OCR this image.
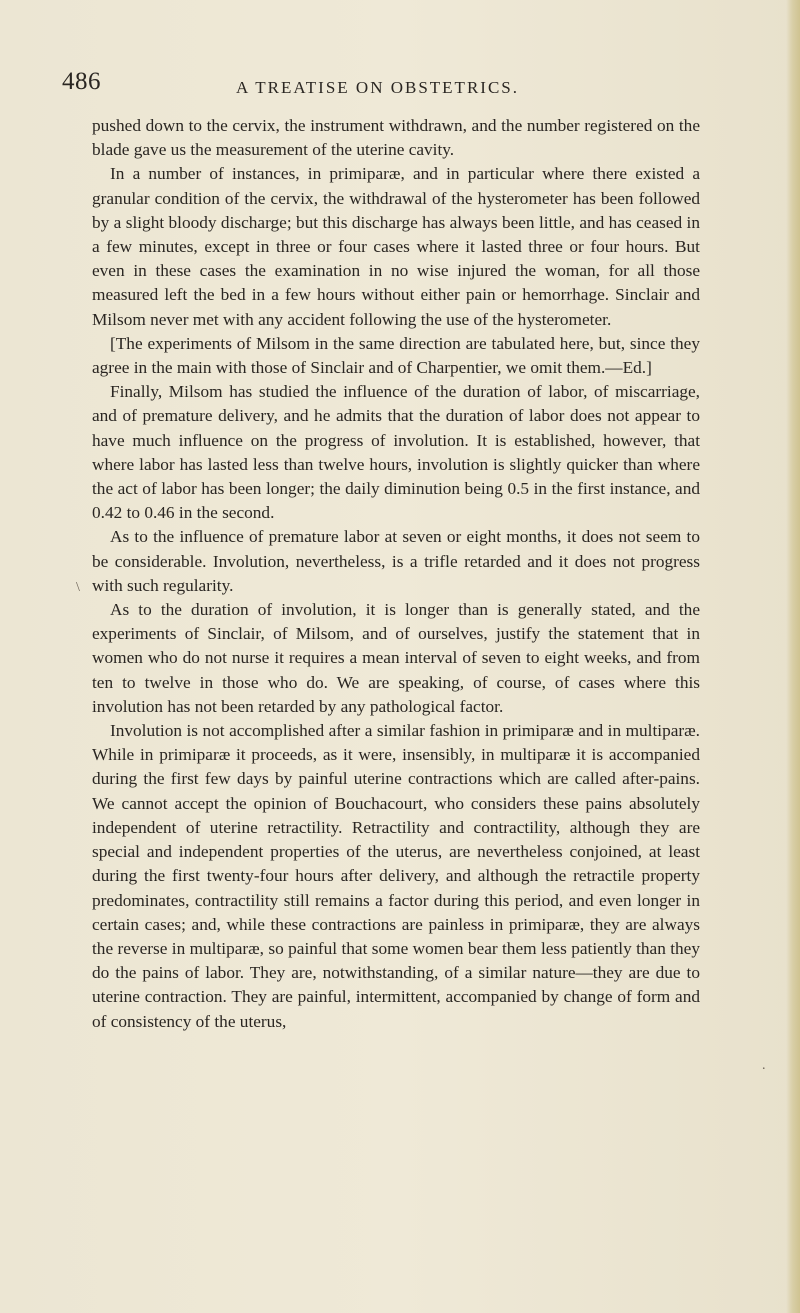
486	A TREATISE ON OBSTETRICS.

pushed down to the cervix, the instrument withdrawn, and the number registered on the blade gave us the measurement of the uterine cavity.

In a number of instances, in primiparæ, and in particular where there existed a granular condition of the cervix, the withdrawal of the hysterometer has been followed by a slight bloody discharge; but this discharge has always been little, and has ceased in a few minutes, except in three or four cases where it lasted three or four hours. But even in these cases the examination in no wise injured the woman, for all those measured left the bed in a few hours without either pain or hemorrhage. Sinclair and Milsom never met with any accident following the use of the hysterometer.

[The experiments of Milsom in the same direction are tabulated here, but, since they agree in the main with those of Sinclair and of Charpentier, we omit them.—Ed.]

Finally, Milsom has studied the influence of the duration of labor, of miscarriage, and of premature delivery, and he admits that the duration of labor does not appear to have much influence on the progress of involution. It is established, however, that where labor has lasted less than twelve hours, involution is slightly quicker than where the act of labor has been longer; the daily diminution being 0.5 in the first instance, and 0.42 to 0.46 in the second.

As to the influence of premature labor at seven or eight months, it does not seem to be considerable. Involution, nevertheless, is a trifle retarded and it does not progress with such regularity.

As to the duration of involution, it is longer than is generally stated, and the experiments of Sinclair, of Milsom, and of ourselves, justify the statement that in women who do not nurse it requires a mean interval of seven to eight weeks, and from ten to twelve in those who do. We are speaking, of course, of cases where this involution has not been retarded by any pathological factor.

Involution is not accomplished after a similar fashion in primiparæ and in multiparæ. While in primiparæ it proceeds, as it were, insensibly, in multiparæ it is accompanied during the first few days by painful uterine contractions which are called after-pains. We cannot accept the opinion of Bouchacourt, who considers these pains absolutely independent of uterine retractility. Retractility and contractility, although they are special and independent properties of the uterus, are nevertheless conjoined, at least during the first twenty-four hours after delivery, and although the retractile property predominates, contractility still remains a factor during this period, and even longer in certain cases; and, while these contractions are painless in primiparæ, they are always the reverse in multiparæ, so painful that some women bear them less patiently than they do the pains of labor. They are, notwithstanding, of a similar nature—they are due to uterine contraction. They are painful, intermittent, accompanied by change of form and of consistency of the uterus,

\
.
